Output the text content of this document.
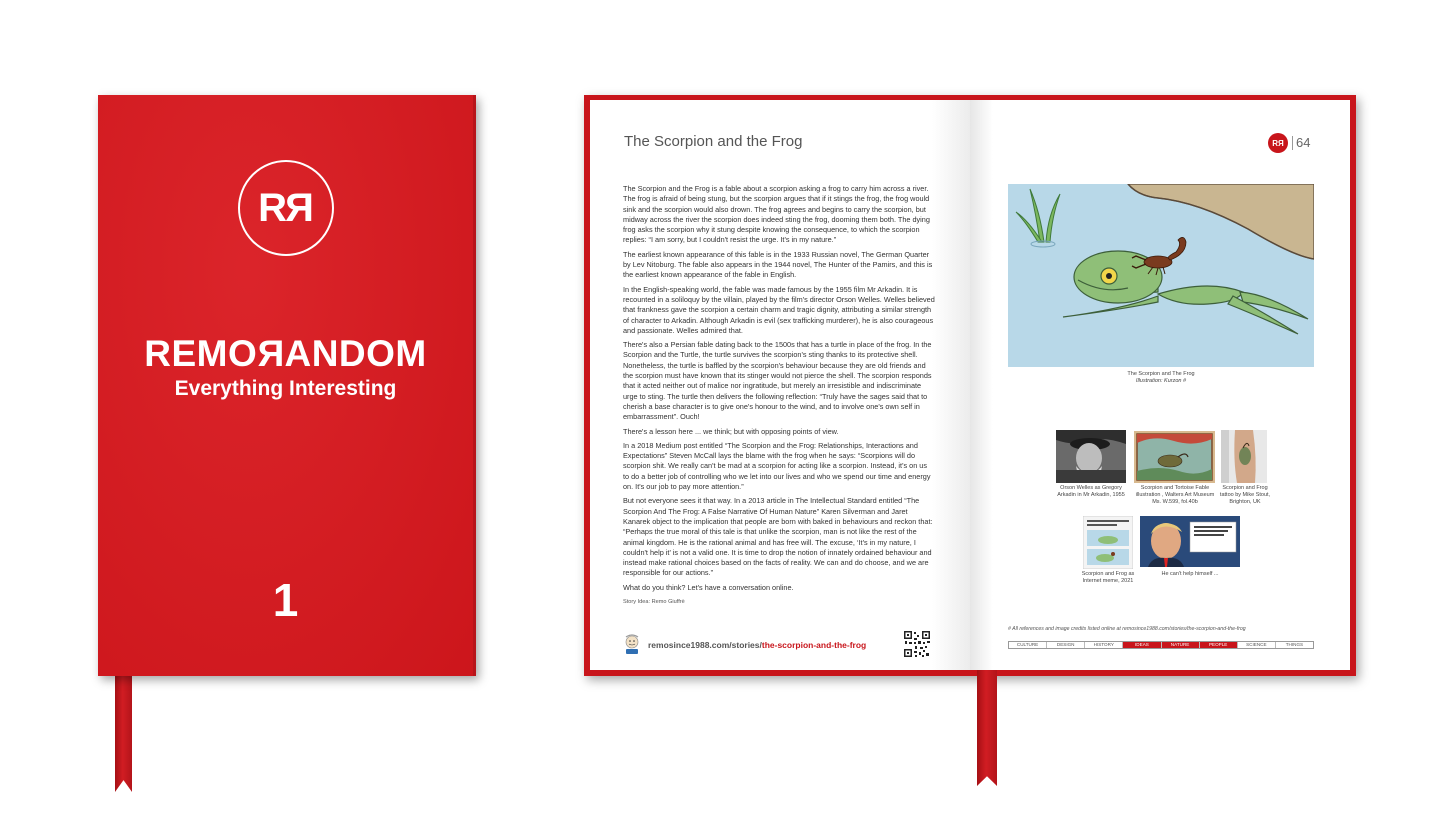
R R
REMORANDOM
Everything Interesting
1
The Scorpion and the Frog

The Scorpion and the Frog is a fable about a scorpion asking a frog to carry him across a river. The frog is afraid of being stung, but the scorpion argues that if it stings the frog, the frog would sink and the scorpion would also drown. The frog agrees and begins to carry the scorpion, but midway across the river the scorpion does indeed sting the frog, dooming them both. The dying frog asks the scorpion why it stung despite knowing the consequence, to which the scorpion replies: “I am sorry, but I couldn't resist the urge. It's in my nature.”

The earliest known appearance of this fable is in the 1933 Russian novel, The German Quarter by Lev Nitoburg. The fable also appears in the 1944 novel, The Hunter of the Pamirs, and this is the earliest known appearance of the fable in English.

In the English-speaking world, the fable was made famous by the 1955 film Mr Arkadin. It is recounted in a soliloquy by the villain, played by the film's director Orson Welles. Welles believed that frankness gave the scorpion a certain charm and tragic dignity, attributing a similar strength of character to Arkadin. Although Arkadin is evil (sex trafficking murderer), he is also courageous and passionate. Welles admired that.

There's also a Persian fable dating back to the 1500s that has a turtle in place of the frog. In the Scorpion and the Turtle, the turtle survives the scorpion's sting thanks to its protective shell. Nonetheless, the turtle is baffled by the scorpion's behaviour because they are old friends and the scorpion must have known that its stinger would not pierce the shell. The scorpion responds that it acted neither out of malice nor ingratitude, but merely an irresistible and indiscriminate urge to sting. The turtle then delivers the following reflection: “Truly have the sages said that to cherish a base character is to give one's honour to the wind, and to involve one's own self in embarrassment”. Ouch!

There's a lesson here ... we think; but with opposing points of view.

In a 2018 Medium post entitled “The Scorpion and the Frog: Relationships, Interactions and Expectations” Steven McCall lays the blame with the frog when he says: “Scorpions will do scorpion shit. We really can't be mad at a scorpion for acting like a scorpion. Instead, it's on us to do a better job of controlling who we let into our lives and who we spend our time and energy on. It's our job to pay more attention.”

But not everyone sees it that way. In a 2013 article in The Intellectual Standard entitled “The Scorpion And The Frog: A False Narrative Of Human Nature” Karen Silverman and Jaret Kanarek object to the implication that people are born with baked in behaviours and reckon that: “Perhaps the true moral of this tale is that unlike the scorpion, man is not like the rest of the animal kingdom. He is the rational animal and has free will. The excuse, ‘It's in my nature, I couldn't help it’ is not a valid one. It is time to drop the notion of innately ordained behaviour and instead make rational choices based on the facts of reality. We can and do choose, and we are responsible for our actions.”

What do you think? Let's have a conversation online.

Story Idea: Remo Giuffrè

remosince1988.com/stories/the-scorpion-and-the-frog
R R 64
The Scorpion and The Frog
Illustration: Kurzon #
Orson Welles as Gregory Arkadin in Mr Arkadin, 1955
Scorpion and Tortoise Fable illustration , Walters Art Museum Ms. W.599, fol.40b
Scorpion and Frog tattoo by Mike Stout, Brighton, UK
Scorpion and Frog as Internet meme, 2021
He can't help himself ...
# All references and image credits listed online at remosince1988.com/stories/the-scorpion-and-the-frog
CULTURE	DESIGN	HISTORY	IDEAS	NATURE	PEOPLE	SCIENCE	THINGS
